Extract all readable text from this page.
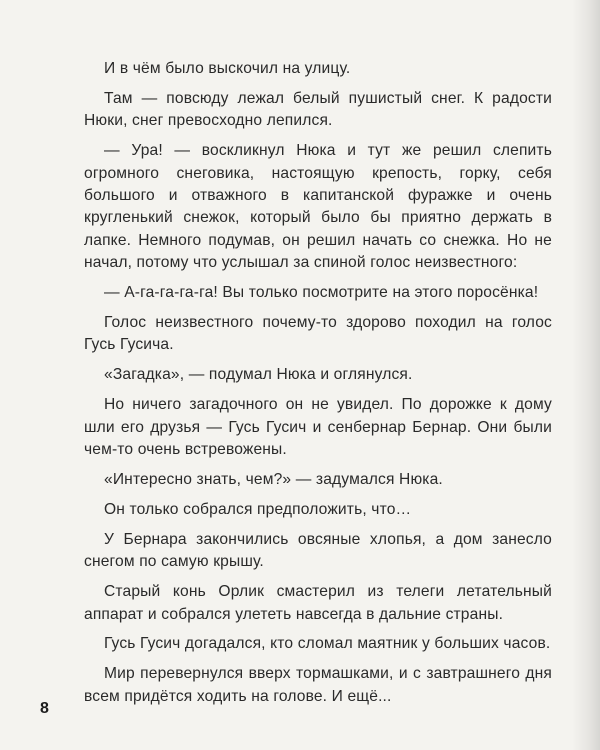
И в чём было выскочил на улицу.

Там — повсюду лежал белый пушистый снег. К радости Нюки, снег превосходно лепился.

— Ура! — воскликнул Нюка и тут же решил слепить огромного снеговика, настоящую крепость, горку, себя большого и отважного в капитанской фуражке и очень кругленький снежок, который было бы приятно держать в лапке. Немного подумав, он решил начать со снежка. Но не начал, потому что услышал за спиной голос неизвестного:

— А-га-га-га-га! Вы только посмотрите на этого поросёнка!

Голос неизвестного почему-то здорово походил на голос Гусь Гусича.

«Загадка», — подумал Нюка и оглянулся.

Но ничего загадочного он не увидел. По дорожке к дому шли его друзья — Гусь Гусич и сенбернар Бернар. Они были чем-то очень встревожены.

«Интересно знать, чем?» — задумался Нюка.

Он только собрался предположить, что…

У Бернара закончились овсяные хлопья, а дом занесло снегом по самую крышу.

Старый конь Орлик смастерил из телеги летательный аппарат и собрался улететь навсегда в дальние страны.

Гусь Гусич догадался, кто сломал маятник у больших часов.

Мир перевернулся вверх тормашками, и с завтрашнего дня всем придётся ходить на голове. И ещё...

8
